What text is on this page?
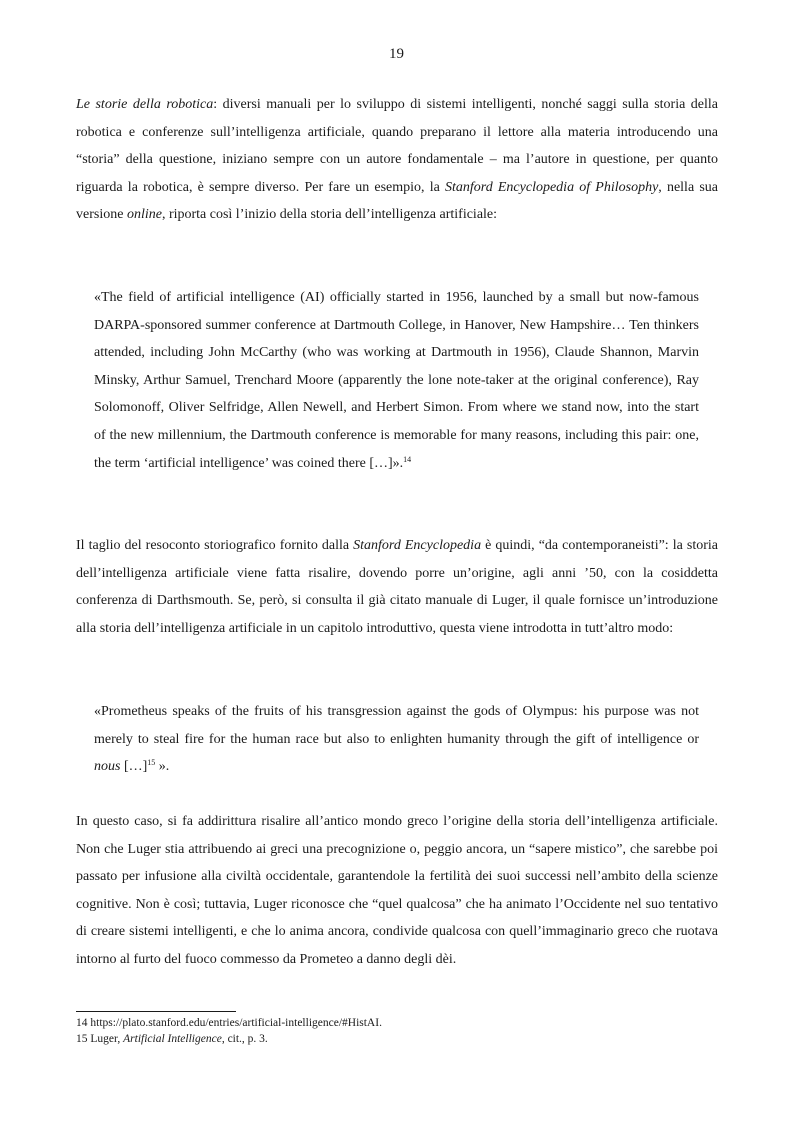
19

Le storie della robotica: diversi manuali per lo sviluppo di sistemi intelligenti, nonché saggi sulla storia della robotica e conferenze sull’intelligenza artificiale, quando preparano il lettore alla materia introducendo una “storia” della questione, iniziano sempre con un autore fondamentale – ma l’autore in questione, per quanto riguarda la robotica, è sempre diverso. Per fare un esempio, la Stanford Encyclopedia of Philosophy, nella sua versione online, riporta così l’inizio della storia dell’intelligenza artificiale:

«The field of artificial intelligence (AI) officially started in 1956, launched by a small but now-famous DARPA-sponsored summer conference at Dartmouth College, in Hanover, New Hampshire… Ten thinkers attended, including John McCarthy (who was working at Dartmouth in 1956), Claude Shannon, Marvin Minsky, Arthur Samuel, Trenchard Moore (apparently the lone note-taker at the original conference), Ray Solomonoff, Oliver Selfridge, Allen Newell, and Herbert Simon. From where we stand now, into the start of the new millennium, the Dartmouth conference is memorable for many reasons, including this pair: one, the term ‘artificial intelligence’ was coined there […]».$^{14}$

Il taglio del resoconto storiografico fornito dalla Stanford Encyclopedia è quindi, “da contemporaneisti”: la storia dell’intelligenza artificiale viene fatta risalire, dovendo porre un’origine, agli anni ’50, con la cosiddetta conferenza di Darthsmouth. Se, però, si consulta il già citato manuale di Luger, il quale fornisce un’introduzione alla storia dell’intelligenza artificiale in un capitolo introduttivo, questa viene introdotta in tutt’altro modo:

«Prometheus speaks of the fruits of his transgression against the gods of Olympus: his purpose was not merely to steal fire for the human race but also to enlighten humanity through the gift of intelligence or nous […]$^{15}$ ».

In questo caso, si fa addirittura risalire all’antico mondo greco l’origine della storia dell’intelligenza artificiale. Non che Luger stia attribuendo ai greci una precognizione o, peggio ancora, un “sapere mistico”, che sarebbe poi passato per infusione alla civiltà occidentale, garantendole la fertilità dei suoi successi nell’ambito della scienze cognitive. Non è così; tuttavia, Luger riconosce che “quel qualcosa” che ha animato l’Occidente nel suo tentativo di creare sistemi intelligenti, e che lo anima ancora, condivide qualcosa con quell’immaginario greco che ruotava intorno al furto del fuoco commesso da Prometeo a danno degli dèi.

14 https://plato.stanford.edu/entries/artificial-intelligence/#HistAI.
15 Luger, Artificial Intelligence, cit., p. 3.
